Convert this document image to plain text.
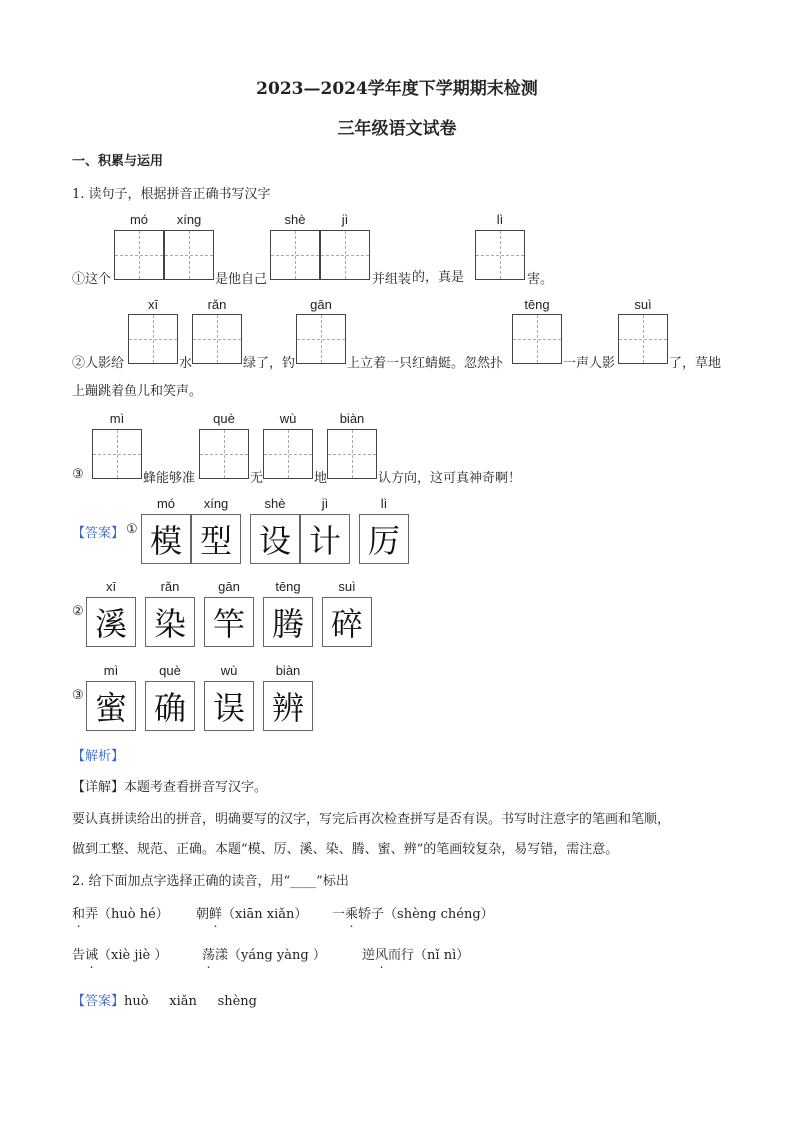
2023—2024学年度下学期期末检测
三年级语文试卷
一、积累与运用
1. 读句子，根据拼音正确书写汉字
mó	xíng	shè	jì	lì
①这个	是他自己	并组装 的，真是	害。
xī	rǎn	gān	tēng	suì
②人影给	水	绿了，钓	上立着一只红蜻蜓。忽然扑	一声人影	了，草地
上蹦跳着鱼儿和笑声。
mì	què	wù	biàn
③	蜂能够准	无	地	认方向，这可真神奇啊！
【答案】 ①
mó	xíng	shè	jì	lì
模 型 设 计 厉
②
xī	rǎn	gān	tēng	suì
溪 染 竿 腾 碎
③
mì	què	wù	biàn
蜜 确 误 辨
【解析】
【详解】本题考查看拼音写汉字。
要认真拼读给出的拼音，明确要写的汉字，写完后再次检查拼写是否有误。书写时注意字的笔画和笔顺，
做到工整、规范、正确。本题“模、厉、溪、染、腾、蜜、辨”的笔画较复杂，易写错，需注意。
2. 给下面加点字选择正确的读音，用“____”标出
和弄（huò hé） 朝鲜（xiān xiǎn） 一乘轿子（shèng chéng）
告诫（xiè jiè ）	荡漾（yáng yàng ）	逆风而行（nǐ nì）
【答案】huò xiǎn shèng
